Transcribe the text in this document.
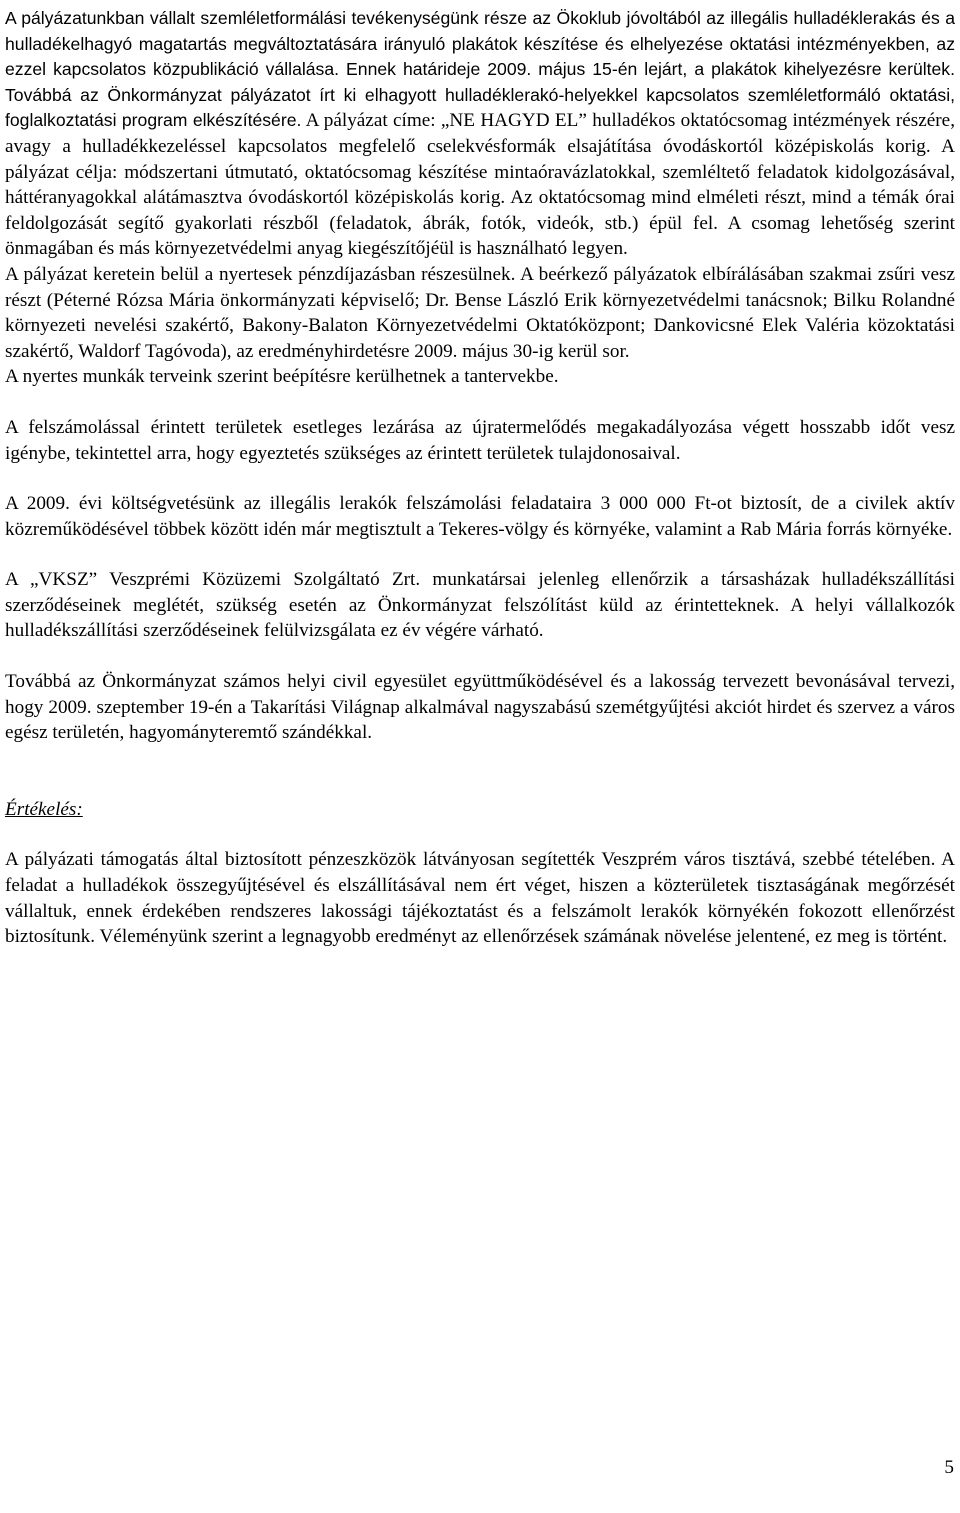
A pályázatunkban vállalt szemléletformálási tevékenységünk része az Ökoklub jóvoltából az illegális hulladéklerakás és a hulladékelhagyó magatartás megváltoztatására irányuló plakátok készítése és elhelyezése oktatási intézményekben, az ezzel kapcsolatos közpublikáció vállalása. Ennek határideje 2009. május 15-én lejárt, a plakátok kihelyezésre kerültek. Továbbá az Önkormányzat pályázatot írt ki elhagyott hulladéklerakó-helyekkel kapcsolatos szemléletformáló oktatási, foglalkoztatási program elkészítésére. A pályázat címe: „NE HAGYD EL” hulladékos oktatócsomag intézmények részére, avagy a hulladékkezeléssel kapcsolatos megfelelő cselekvésformák elsajátítása óvodáskortól középiskolás korig. A pályázat célja: módszertani útmutató, oktatócsomag készítése mintaóravázlatokkal, szemléltető feladatok kidolgozásával, háttéranyagokkal alátámasztva óvodáskortól középiskolás korig. Az oktatócsomag mind elméleti részt, mind a témák órai feldolgozását segítő gyakorlati részből (feladatok, ábrák, fotók, videók, stb.) épül fel. A csomag lehetőség szerint önmagában és más környezetvédelmi anyag kiegészítőjéül is használható legyen.

A pályázat keretein belül a nyertesek pénzdíjazásban részesülnek. A beérkező pályázatok elbírálásában szakmai zsűri vesz részt (Péterné Rózsa Mária önkormányzati képviselő; Dr. Bense László Erik környezetvédelmi tanácsnok; Bilku Rolandné környezeti nevelési szakértő, Bakony-Balaton Környezetvédelmi Oktatóközpont; Dankovicsné Elek Valéria közoktatási szakértő, Waldorf Tagóvoda), az eredményhirdetésre 2009. május 30-ig kerül sor.

A nyertes munkák terveink szerint beépítésre kerülhetnek a tantervekbe.

A felszámolással érintett területek esetleges lezárása az újratermelődés megakadályozása végett hosszabb időt vesz igénybe, tekintettel arra, hogy egyeztetés szükséges az érintett területek tulajdonosaival.

A 2009. évi költségvetésünk az illegális lerakók felszámolási feladataira 3 000 000 Ft-ot biztosít, de a civilek aktív közreműködésével többek között idén már megtisztult a Tekeres-völgy és környéke, valamint a Rab Mária forrás környéke.

A „VKSZ” Veszprémi Közüzemi Szolgáltató Zrt. munkatársai jelenleg ellenőrzik a társasházak hulladékszállítási szerződéseinek meglétét, szükség esetén az Önkormányzat felszólítást küld az érintetteknek. A helyi vállalkozók hulladékszállítási szerződéseinek felülvizsgálata ez év végére várható.

Továbbá az Önkormányzat számos helyi civil egyesület együttműködésével és a lakosság tervezett bevonásával tervezi, hogy 2009. szeptember 19-én a Takarítási Világnap alkalmával nagyszabású szemétgyűjtési akciót hirdet és szervez a város egész területén, hagyományteremtő szándékkal.

Értékelés:

A pályázati támogatás által biztosított pénzeszközök látványosan segítették Veszprém város tisztává, szebbé tételében. A feladat a hulladékok összegyűjtésével és elszállításával nem ért véget, hiszen a közterületek tisztaságának megőrzését vállaltuk, ennek érdekében rendszeres lakossági tájékoztatást és a felszámolt lerakók környékén fokozott ellenőrzést biztosítunk. Véleményünk szerint a legnagyobb eredményt az ellenőrzések számának növelése jelentené, ez meg is történt.

5
